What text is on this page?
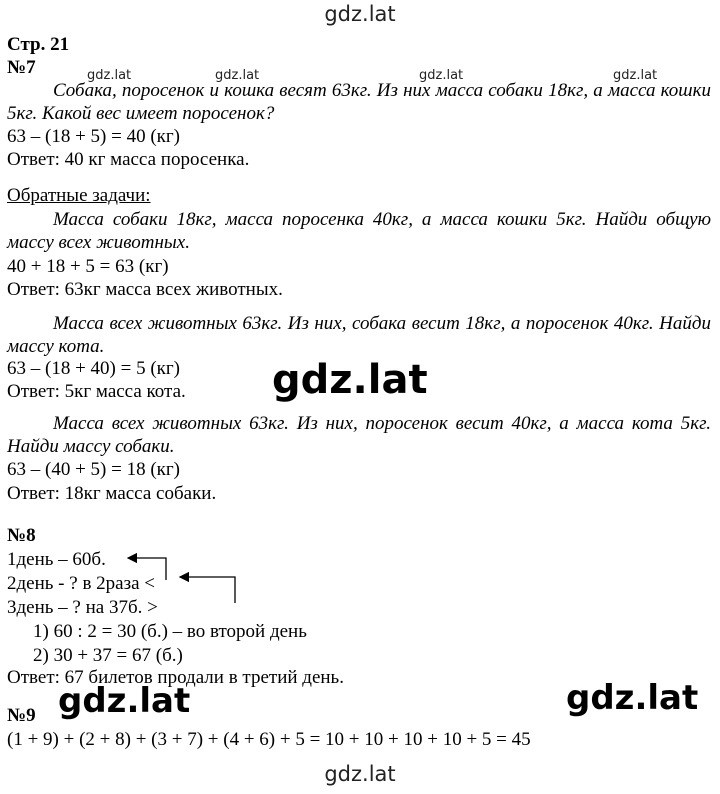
gdz.lat
Стр. 21
№7
Собака, поросенок и кошка весят 63кг. Из них масса собаки 18кг, а масса кошки 5кг. Какой вес имеет поросенок?
63 – (18 + 5) = 40 (кг)
Ответ: 40 кг масса поросенка.
Обратные задачи:
Масса собаки 18кг, масса поросенка 40кг, а масса кошки 5кг. Найди общую массу всех животных.
40 + 18 + 5 = 63 (кг)
Ответ: 63кг масса всех животных.
Масса всех животных 63кг. Из них, собака весит 18кг, а поросенок 40кг. Найди массу кота.
63 – (18 + 40) = 5 (кг)
Ответ: 5кг масса кота.
Масса всех животных 63кг. Из них, поросенок весит 40кг, а масса кота 5кг. Найди массу собаки.
63 – (40 + 5) = 18 (кг)
Ответ: 18кг масса собаки.
№8
1день – 60б.
2день - ? в 2раза <
3день – ? на 37б. >
1) 60 : 2 = 30 (б.) – во второй день
2) 30 + 37 = 67 (б.)
Ответ: 67 билетов продали в третий день.
№9
(1 + 9) + (2 + 8) + (3 + 7) + (4 + 6) + 5 = 10 + 10 + 10 + 10 + 5 = 45
gdz.lat	gdz.lat	gdz.lat	gdz.lat
gdz.lat
gdz.lat	gdz.lat
gdz.lat
